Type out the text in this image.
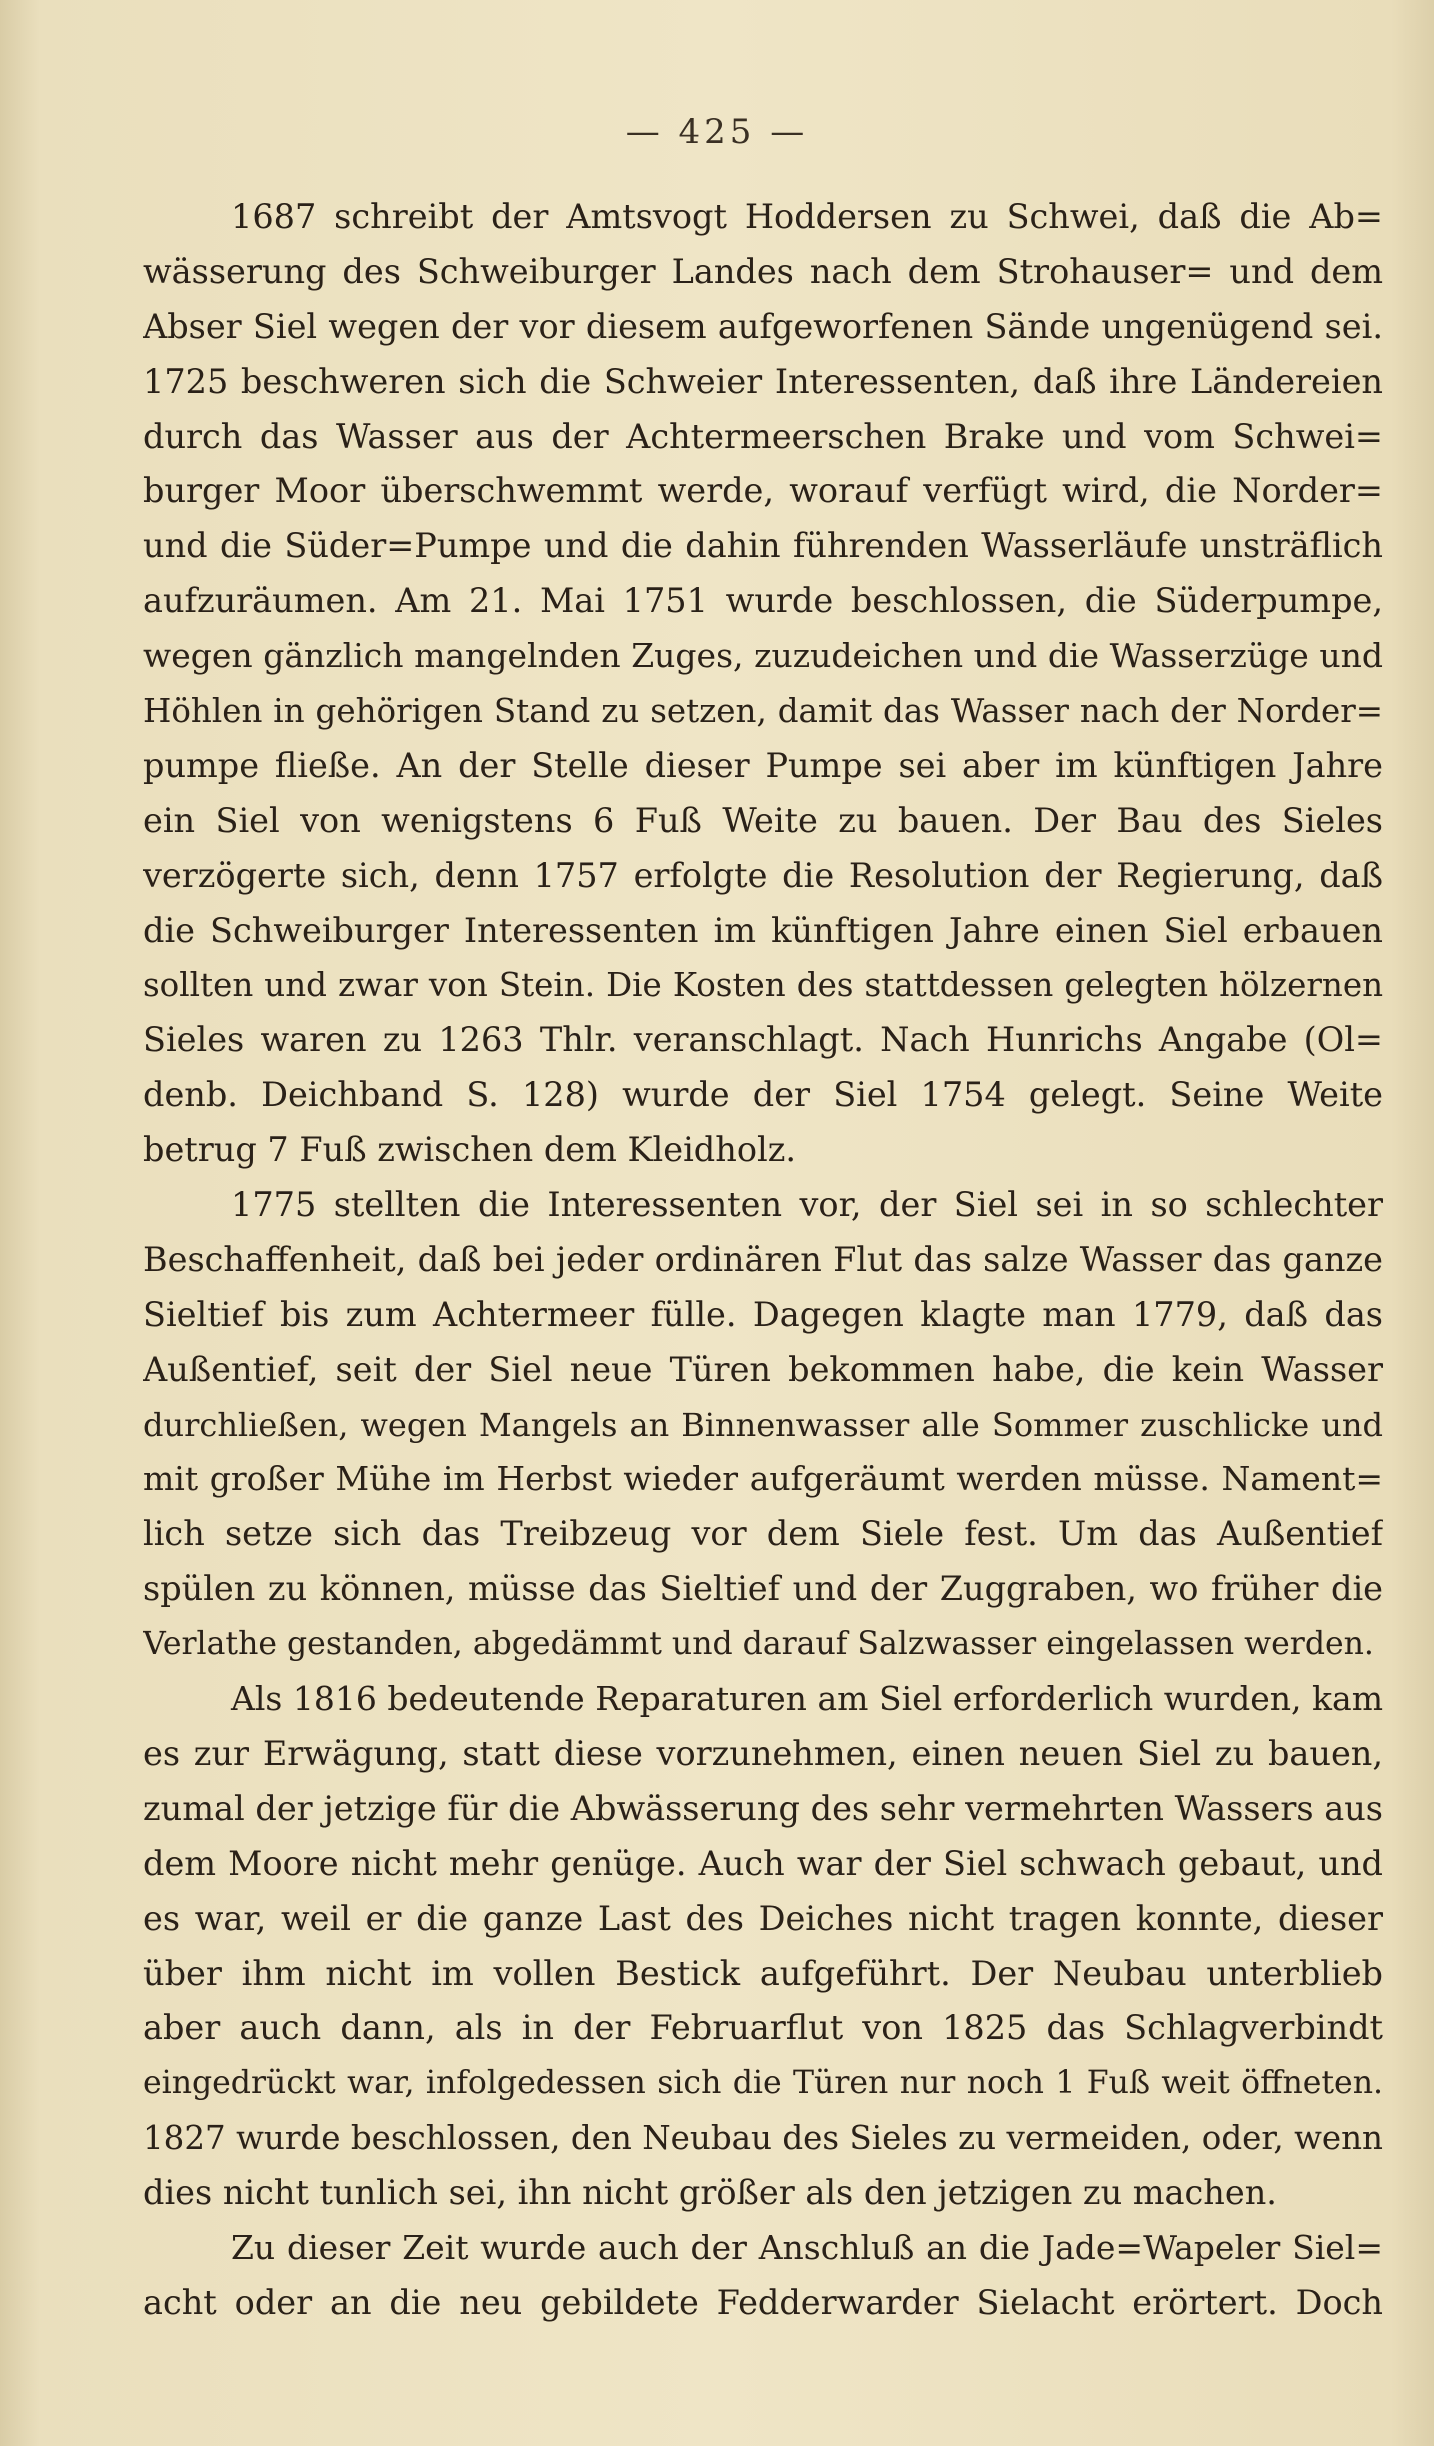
— 425 —
1687 schreibt der Amtsvogt Hoddersen zu Schwei, daß die Ab=
wässerung des Schweiburger Landes nach dem Strohauser= und dem
Abser Siel wegen der vor diesem aufgeworfenen Sände ungenügend sei.
1725 beschweren sich die Schweier Interessenten, daß ihre Ländereien
durch das Wasser aus der Achtermeerschen Brake und vom Schwei=
burger Moor überschwemmt werde, worauf verfügt wird, die Norder=
und die Süder=Pumpe und die dahin führenden Wasserläufe unsträflich
aufzuräumen. Am 21. Mai 1751 wurde beschlossen, die Süderpumpe,
wegen gänzlich mangelnden Zuges, zuzudeichen und die Wasserzüge und
Höhlen in gehörigen Stand zu setzen, damit das Wasser nach der Norder=
pumpe fließe. An der Stelle dieser Pumpe sei aber im künftigen Jahre
ein Siel von wenigstens 6 Fuß Weite zu bauen. Der Bau des Sieles
verzögerte sich, denn 1757 erfolgte die Resolution der Regierung, daß
die Schweiburger Interessenten im künftigen Jahre einen Siel erbauen
sollten und zwar von Stein. Die Kosten des stattdessen gelegten hölzernen
Sieles waren zu 1263 Thlr. veranschlagt. Nach Hunrichs Angabe (Ol=
denb. Deichband S. 128) wurde der Siel 1754 gelegt. Seine Weite
betrug 7 Fuß zwischen dem Kleidholz.
1775 stellten die Interessenten vor, der Siel sei in so schlechter
Beschaffenheit, daß bei jeder ordinären Flut das salze Wasser das ganze
Sieltief bis zum Achtermeer fülle. Dagegen klagte man 1779, daß das
Außentief, seit der Siel neue Türen bekommen habe, die kein Wasser
durchließen, wegen Mangels an Binnenwasser alle Sommer zuschlicke und
mit großer Mühe im Herbst wieder aufgeräumt werden müsse. Nament=
lich setze sich das Treibzeug vor dem Siele fest. Um das Außentief
spülen zu können, müsse das Sieltief und der Zuggraben, wo früher die
Verlathe gestanden, abgedämmt und darauf Salzwasser eingelassen werden.
Als 1816 bedeutende Reparaturen am Siel erforderlich wurden, kam
es zur Erwägung, statt diese vorzunehmen, einen neuen Siel zu bauen,
zumal der jetzige für die Abwässerung des sehr vermehrten Wassers aus
dem Moore nicht mehr genüge. Auch war der Siel schwach gebaut, und
es war, weil er die ganze Last des Deiches nicht tragen konnte, dieser
über ihm nicht im vollen Bestick aufgeführt. Der Neubau unterblieb
aber auch dann, als in der Februarflut von 1825 das Schlagverbindt
eingedrückt war, infolgedessen sich die Türen nur noch 1 Fuß weit öffneten.
1827 wurde beschlossen, den Neubau des Sieles zu vermeiden, oder, wenn
dies nicht tunlich sei, ihn nicht größer als den jetzigen zu machen.
Zu dieser Zeit wurde auch der Anschluß an die Jade=Wapeler Siel=
acht oder an die neu gebildete Fedderwarder Sielacht erörtert. Doch
